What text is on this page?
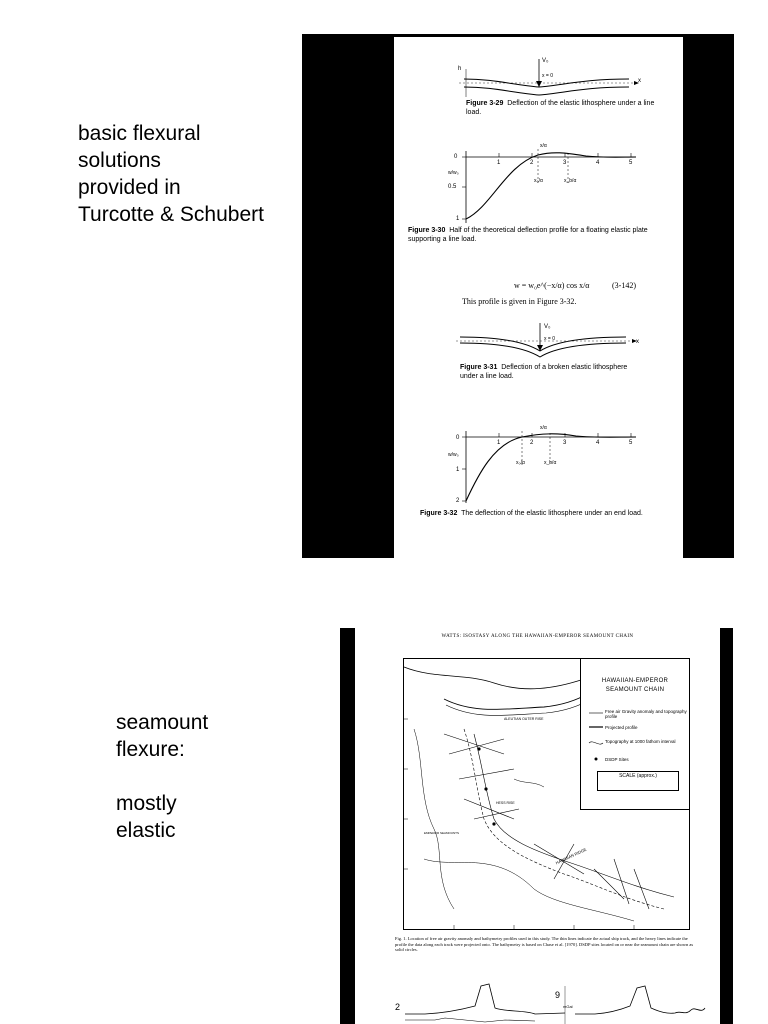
basic flexural

solutions

provided in

Turcotte & Schubert

seamount

flexure:

mostly

elastic

V₀
x = 0
h
x
Figure 3-29 Deflection of the elastic lithosphere under a line load.
x/α
1	2	3	4	5
0
0.5
1
w/w₀
x₀/α	x_b/α
Figure 3-30 Half of the theoretical deflection profile for a floating elastic plate supporting a line load.
w = w₀e^(−x/α) cos x/α	(3-142)
This profile is given in Figure 3-32.
V₀
x = 0	x
Figure 3-31 Deflection of a broken elastic lithosphere under a line load.
x/α
1	2	3	4	5
0
1
2
w/w₀
x₀/α	x_b/α
Figure 3-32 The deflection of the elastic lithosphere under an end load.
WATTS: ISOSTASY ALONG THE HAWAIIAN-EMPEROR SEAMOUNT CHAIN
ALEUTIAN OUTER RISE
HESS RISE
HAWAIIAN RIDGE
EMPEROR SEAMOUNTS
HAWAIIAN-EMPEROR
SEAMOUNT CHAIN
Free air Gravity anomaly and topography profile
Projected profile
Topography at 1000 fathom interval
DSDP Sites
SCALE (approx.)
Fig. 1. Location of free air gravity anomaly and bathymetry profiles used in this study. The thin lines indicate the actual ship track, and the heavy lines indicate the profile the data along each track were projected onto. The bathymetry is based on Chase et al. [1970]. DSDP sites located on or near the seamount chain are shown as solid circles.
2
9
mGal
